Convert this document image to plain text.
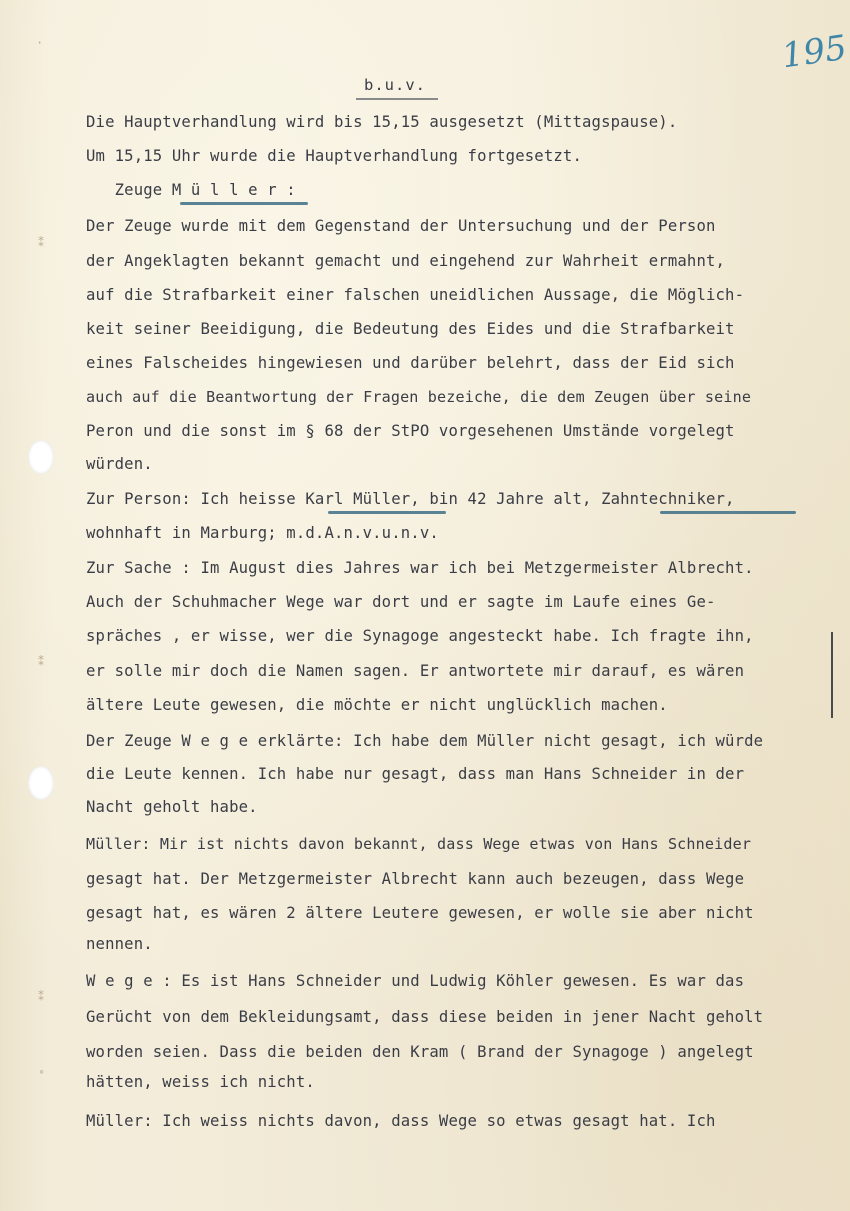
·
⁑
⁑
⁑
˚
195
b.u.v.
Die Hauptverhandlung wird bis 15,15 ausgesetzt (Mittagspause).
Um 15,15 Uhr wurde die Hauptverhandlung fortgesetzt.
Zeuge M ü l l e r :
Der Zeuge wurde mit dem Gegenstand der Untersuchung und der Person
der Angeklagten bekannt gemacht und eingehend zur Wahrheit ermahnt,
auf die Strafbarkeit einer falschen uneidlichen Aussage, die Möglich-
keit seiner Beeidigung, die Bedeutung des Eides und die Strafbarkeit
eines Falscheides hingewiesen und darüber belehrt, dass der Eid sich
auch auf die Beantwortung der Fragen bezeiche, die dem Zeugen über seine
Peron und die sonst im § 68 der StPO vorgesehenen Umstände vorgelegt
würden.
Zur Person: Ich heisse Karl Müller, bin 42 Jahre alt, Zahntechniker,
wohnhaft in Marburg; m.d.A.n.v.u.n.v.
Zur Sache : Im August dies Jahres war ich bei Metzgermeister Albrecht.
Auch der Schuhmacher Wege war dort und er sagte im Laufe eines Ge-
spräches , er wisse, wer die Synagoge angesteckt habe. Ich fragte ihn,
er solle mir doch die Namen sagen. Er antwortete mir darauf, es wären
ältere Leute gewesen, die möchte er nicht unglücklich machen.
Der Zeuge W e g e erklärte: Ich habe dem Müller nicht gesagt, ich würde
die Leute kennen. Ich habe nur gesagt, dass man Hans Schneider in der
Nacht geholt habe.
Müller: Mir ist nichts davon bekannt, dass Wege etwas von Hans Schneider
gesagt hat. Der Metzgermeister Albrecht kann auch bezeugen, dass Wege
gesagt hat, es wären 2 ältere Leutere gewesen, er wolle sie aber nicht
nennen.
W e g e : Es ist Hans Schneider und Ludwig Köhler gewesen. Es war das
Gerücht von dem Bekleidungsamt, dass diese beiden in jener Nacht geholt
worden seien. Dass die beiden den Kram ( Brand der Synagoge ) angelegt
hätten, weiss ich nicht.
Müller: Ich weiss nichts davon, dass Wege so etwas gesagt hat. Ich
